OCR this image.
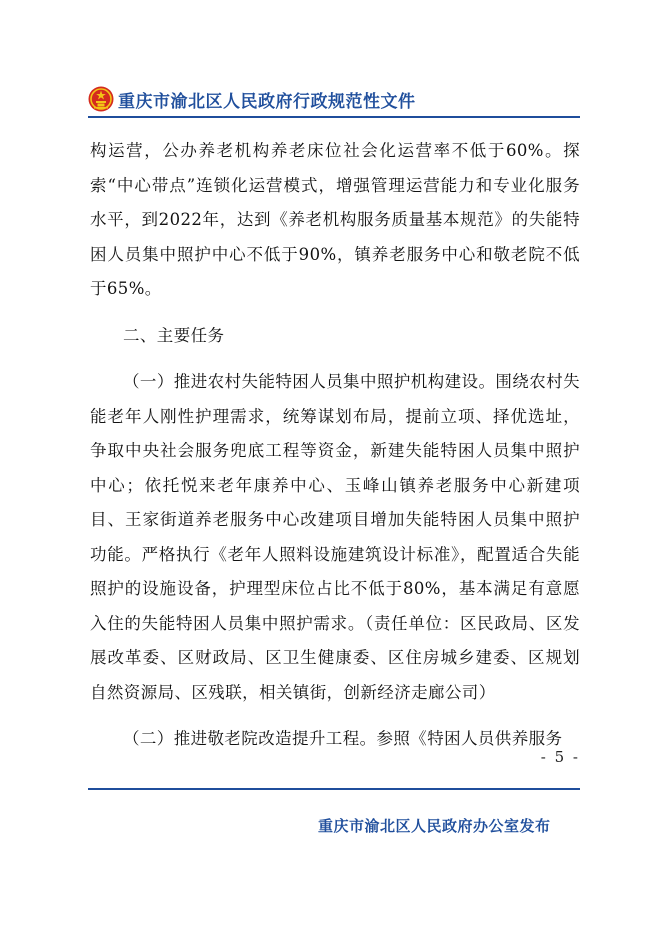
重庆市渝北区人民政府行政规范性文件

构运营，公办养老机构养老床位社会化运营率不低于60%。探索“中心带点”连锁化运营模式，增强管理运营能力和专业化服务水平，到2022年，达到《养老机构服务质量基本规范》的失能特困人员集中照护中心不低于90%，镇养老服务中心和敬老院不低于65%。

二、主要任务

（一）推进农村失能特困人员集中照护机构建设。围绕农村失能老年人刚性护理需求，统筹谋划布局，提前立项、择优选址，争取中央社会服务兜底工程等资金，新建失能特困人员集中照护中心；依托悦来老年康养中心、玉峰山镇养老服务中心新建项目、王家街道养老服务中心改建项目增加失能特困人员集中照护功能。严格执行《老年人照料设施建筑设计标准》，配置适合失能照护的设施设备，护理型床位占比不低于80%，基本满足有意愿入住的失能特困人员集中照护需求。（责任单位：区民政局、区发展改革委、区财政局、区卫生健康委、区住房城乡建委、区规划自然资源局、区残联，相关镇街，创新经济走廊公司）

（二）推进敬老院改造提升工程。参照《特困人员供养服务

- 5 -
重庆市渝北区人民政府办公室发布
